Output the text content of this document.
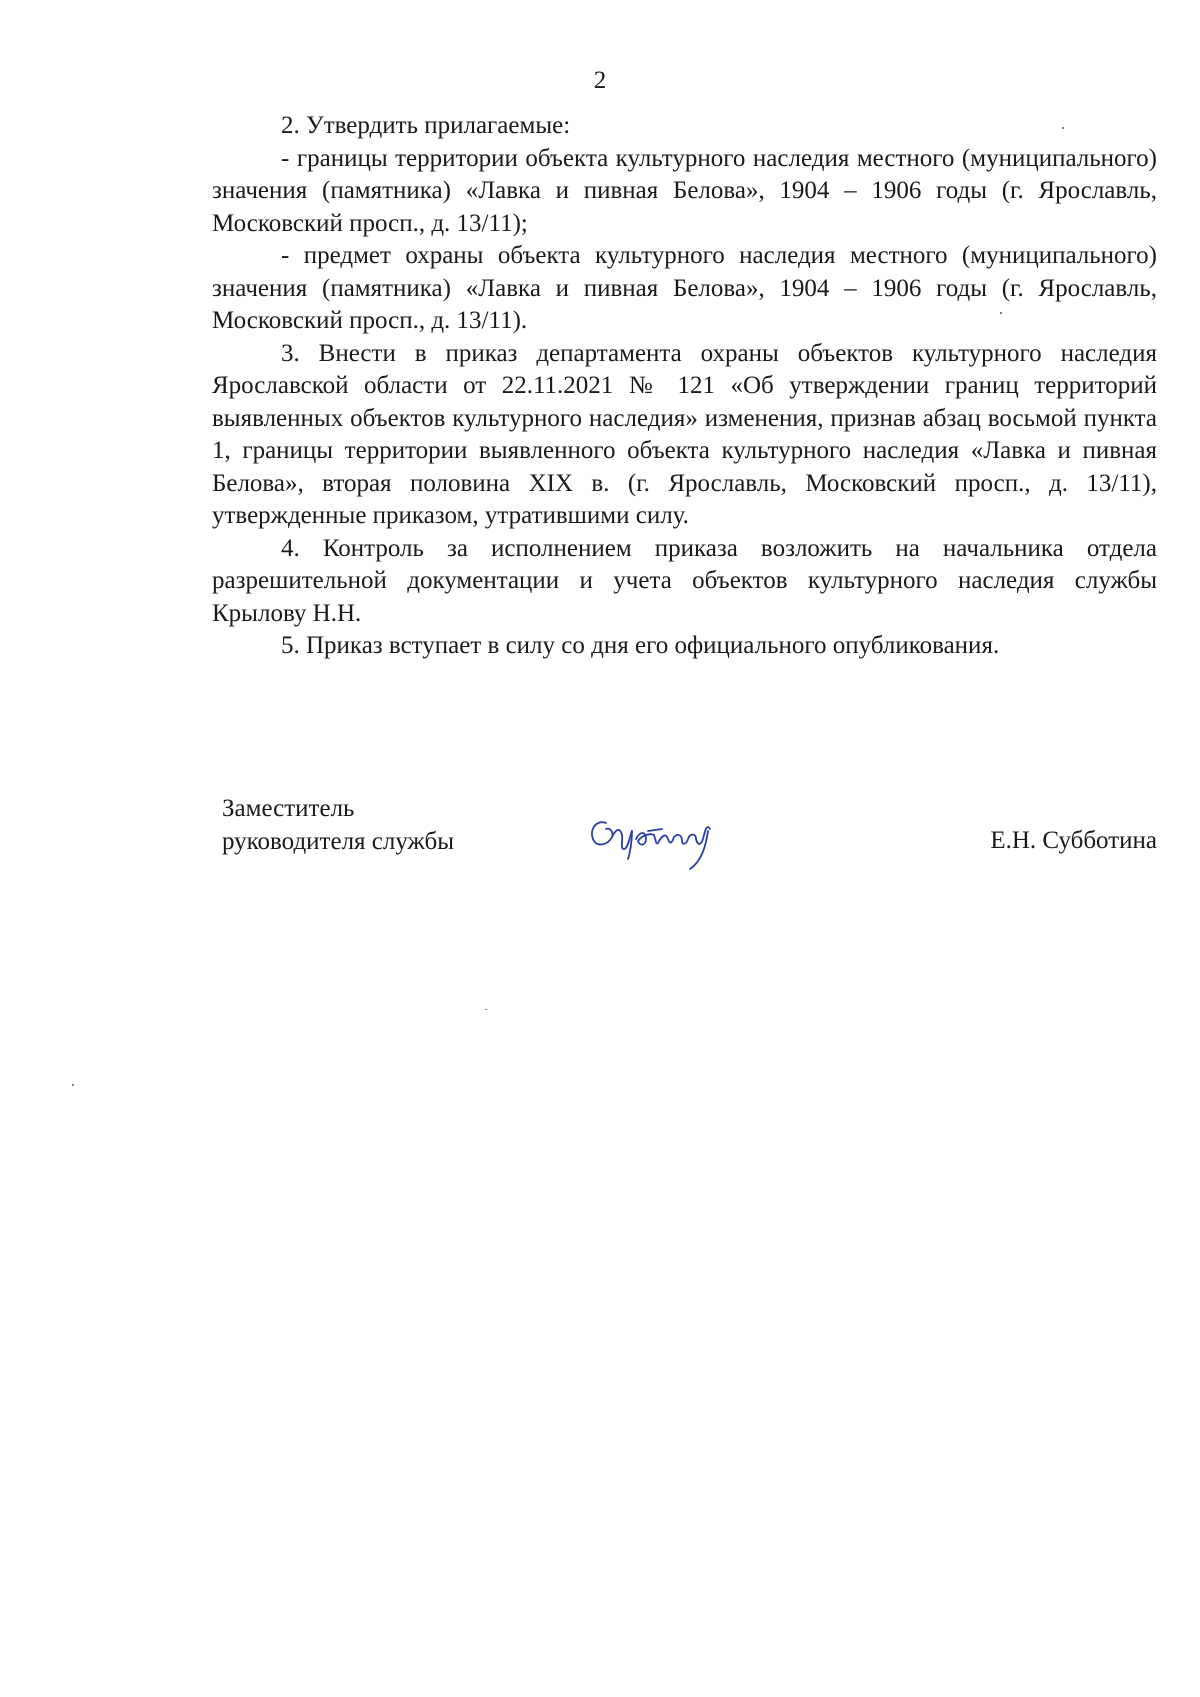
2

2. Утвердить прилагаемые:

- границы территории объекта культурного наследия местного (муниципального) значения (памятника) «Лавка и пивная Белова», 1904 – 1906 годы (г. Ярославль, Московский просп., д. 13/11);

- предмет охраны объекта культурного наследия местного (муниципального) значения (памятника) «Лавка и пивная Белова», 1904 – 1906 годы (г. Ярославль, Московский просп., д. 13/11).

3. Внести в приказ департамента охраны объектов культурного наследия Ярославской области от 22.11.2021 № 121 «Об утверждении границ территорий выявленных объектов культурного наследия» изменения, признав абзац восьмой пункта 1, границы территории выявленного объекта культурного наследия «Лавка и пивная Белова», вторая половина XIX в. (г. Ярославль, Московский просп., д. 13/11), утвержденные приказом, утратившими силу.

4. Контроль за исполнением приказа возложить на начальника отдела разрешительной документации и учета объектов культурного наследия службы Крылову Н.Н.

5. Приказ вступает в силу со дня его официального опубликования.

Заместитель
руководителя службы	Е.Н. Субботина
